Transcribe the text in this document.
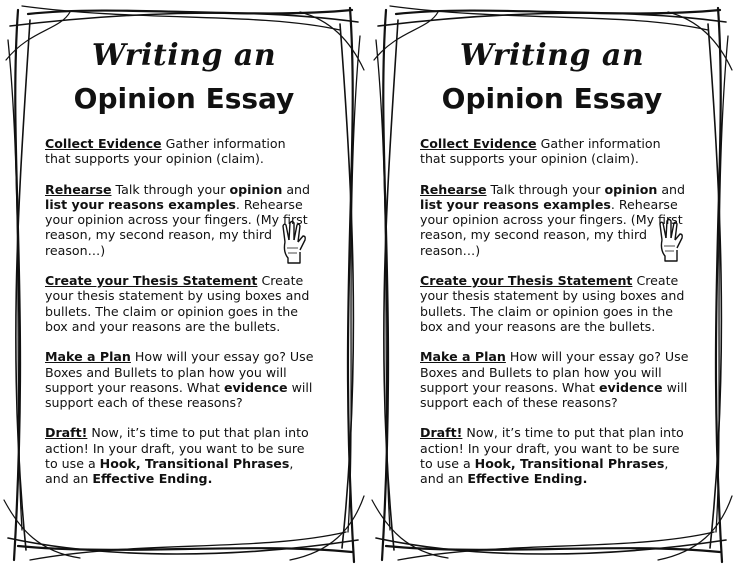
Writing an
Opinion Essay

Collect Evidence Gather information that supports your opinion (claim).

Rehearse Talk through your opinion and list your reasons examples. Rehearse your opinion across your fingers. (My first reason, my second reason, my third reason…)

Create your Thesis Statement Create your thesis statement by using boxes and bullets. The claim or opinion goes in the box and your reasons are the bullets.

Make a Plan How will your essay go? Use Boxes and Bullets to plan how you will support your reasons. What evidence will support each of these reasons?

Draft! Now, it’s time to put that plan into action! In your draft, you want to be sure to use a Hook, Transitional Phrases, and an Effective Ending.

Writing an
Opinion Essay

Collect Evidence Gather information that supports your opinion (claim).

Rehearse Talk through your opinion and list your reasons examples. Rehearse your opinion across your fingers. (My first reason, my second reason, my third reason…)

Create your Thesis Statement Create your thesis statement by using boxes and bullets. The claim or opinion goes in the box and your reasons are the bullets.

Make a Plan How will your essay go? Use Boxes and Bullets to plan how you will support your reasons. What evidence will support each of these reasons?

Draft! Now, it’s time to put that plan into action! In your draft, you want to be sure to use a Hook, Transitional Phrases, and an Effective Ending.
